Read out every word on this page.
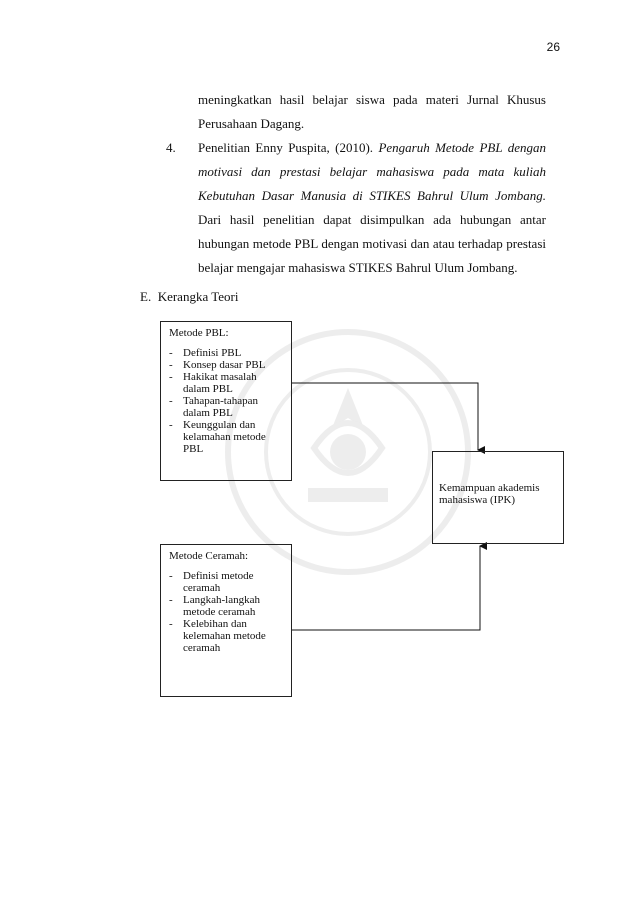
26

meningkatkan hasil belajar siswa pada materi Jurnal Khusus Perusahaan Dagang.

4. Penelitian Enny Puspita, (2010). Pengaruh Metode PBL dengan motivasi dan prestasi belajar mahasiswa pada mata kuliah Kebutuhan Dasar Manusia di STIKES Bahrul Ulum Jombang. Dari hasil penelitian dapat disimpulkan ada hubungan antar hubungan metode PBL dengan motivasi dan atau terhadap prestasi belajar mengajar mahasiswa STIKES Bahrul Ulum Jombang.
E.  Kerangka Teori
Metode PBL:
- Definisi PBL
- Konsep dasar PBL
- Hakikat masalah dalam PBL
- Tahapan-tahapan dalam PBL
- Keunggulan dan kelamahan metode PBL
Kemampuan akademis mahasiswa (IPK)
Metode Ceramah:
- Definisi metode ceramah
- Langkah-langkah metode ceramah
- Kelebihan dan kelemahan metode ceramah
